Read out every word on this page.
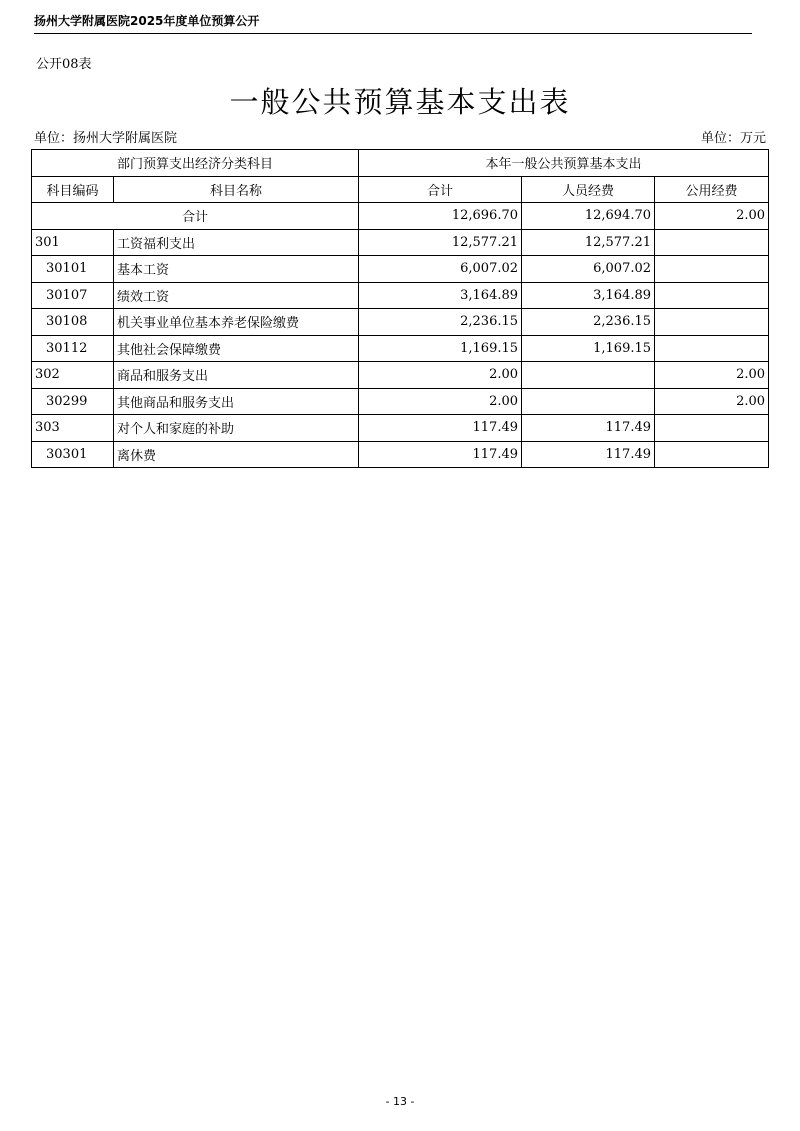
扬州大学附属医院2025年度单位预算公开
公开08表
一般公共预算基本支出表
单位：扬州大学附属医院	单位：万元
部门预算支出经济分类科目		本年一般公共预算基本支出		
科目编码	科目名称	合计	人员经费	公用经费
合计		12,696.70	12,694.70	2.00
301	工资福利支出	12,577.21	12,577.21	
30101	基本工资	6,007.02	6,007.02	
30107	绩效工资	3,164.89	3,164.89	
30108	机关事业单位基本养老保险缴费	2,236.15	2,236.15	
30112	其他社会保障缴费	1,169.15	1,169.15	
302	商品和服务支出	2.00		2.00
30299	其他商品和服务支出	2.00		2.00
303	对个人和家庭的补助	117.49	117.49	
30301	离休费	117.49	117.49	
- 13 -
